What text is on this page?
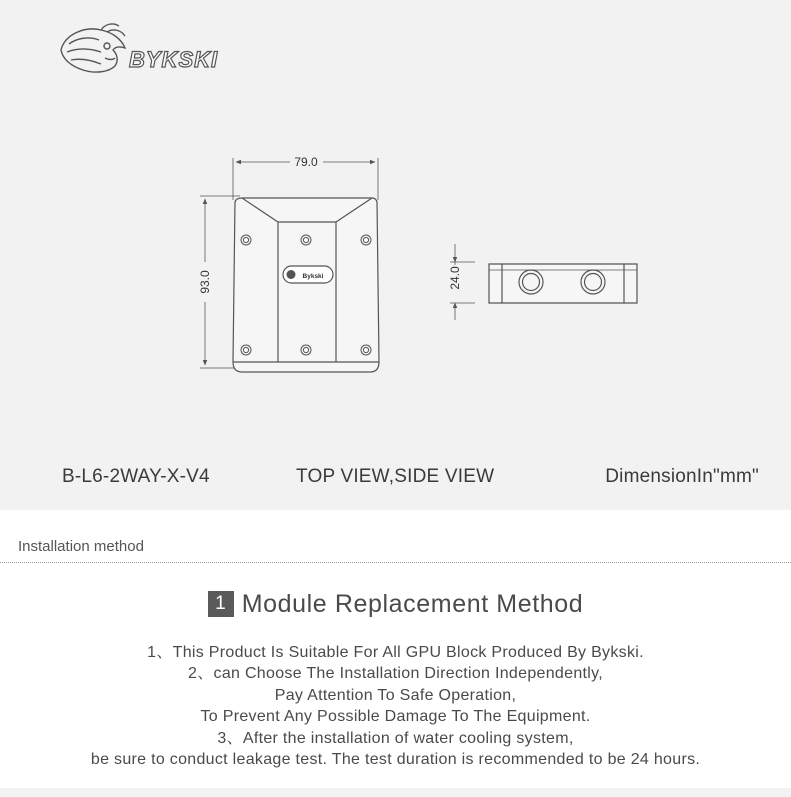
BYKSKI
Bykski
79.0
93.0	24.0
B-L6-2WAY-X-V4	TOP VIEW,SIDE VIEW	DimensionIn"mm"
Installation method
1 Module Replacement Method
1、This Product Is Suitable For All GPU Block Produced By Bykski.
2、can Choose The Installation Direction Independently,
Pay Attention To Safe Operation,
To Prevent Any Possible Damage To The Equipment.
3、After the installation of water cooling system,
be sure to conduct leakage test. The test duration is recommended to be 24 hours.
